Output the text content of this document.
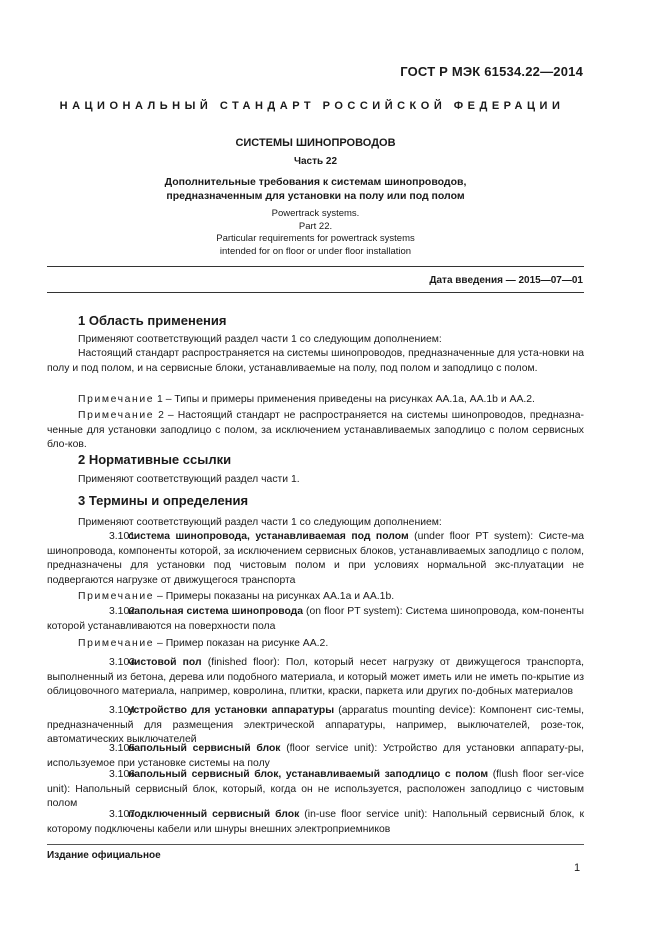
ГОСТ Р МЭК 61534.22—2014
НАЦИОНАЛЬНЫЙ СТАНДАРТ РОССИЙСКОЙ ФЕДЕРАЦИИ
СИСТЕМЫ ШИНОПРОВОДОВ
Часть 22
Дополнительные требования к системам шинопроводов,
предназначенным для установки на полу или под полом
Powertrack systems.
Part 22.
Particular requirements for powertrack systems
intended for on floor or under floor installation
Дата введения — 2015—07—01
1 Область применения
Применяют соответствующий раздел части 1 со следующим дополнением:
Настоящий стандарт распространяется на системы шинопроводов, предназначенные для уста-новки на полу и под полом, и на сервисные блоки, устанавливаемые на полу, под полом и заподлицо с полом.
Примечание 1 – Типы и примеры применения приведены на рисунках АА.1а, АА.1b и АА.2.
Примечание 2 – Настоящий стандарт не распространяется на системы шинопроводов, предназна-ченные для установки заподлицо с полом, за исключением устанавливаемых заподлицо с полом сервисных бло-ков.
2 Нормативные ссылки
Применяют соответствующий раздел части 1.
3 Термины и определения
Применяют соответствующий раздел части 1 со следующим дополнением:
3.101система шинопровода, устанавливаемая под полом (under floor PT system): Систе-ма шинопровода, компоненты которой, за исключением сервисных блоков, устанавливаемых заподлицо с полом, предназначены для установки под чистовым полом и при условиях нормальной экс-плуатации не подвергаются нагрузке от движущегося транспорта
Примечание – Примеры показаны на рисунках АА.1а и АА.1b.
3.102напольная система шинопровода (on floor PT system): Система шинопровода, ком-поненты которой устанавливаются на поверхности пола
Примечание – Пример показан на рисунке АА.2.
3.103чистовой пол (finished floor): Пол, который несет нагрузку от движущегося транспорта, выполненный из бетона, дерева или подобного материала, и который может иметь или не иметь по-крытие из облицовочного материала, например, ковролина, плитки, краски, паркета или других по-добных материалов
3.104устройство для установки аппаратуры (apparatus mounting device): Компонент сис-темы, предназначенный для размещения электрической аппаратуры, например, выключателей, розе-ток, автоматических выключателей
3.105напольный сервисный блок (floor service unit): Устройство для установки аппарату-ры, используемое при установке системы на полу
3.106напольный сервисный блок, устанавливаемый заподлицо с полом (flush floor ser-vice unit): Напольный сервисный блок, который, когда он не используется, расположен заподлицо с чистовым полом
3.107подключенный сервисный блок (in-use floor service unit): Напольный сервисный блок, к которому подключены кабели или шнуры внешних электроприемников
Издание официальное
1
